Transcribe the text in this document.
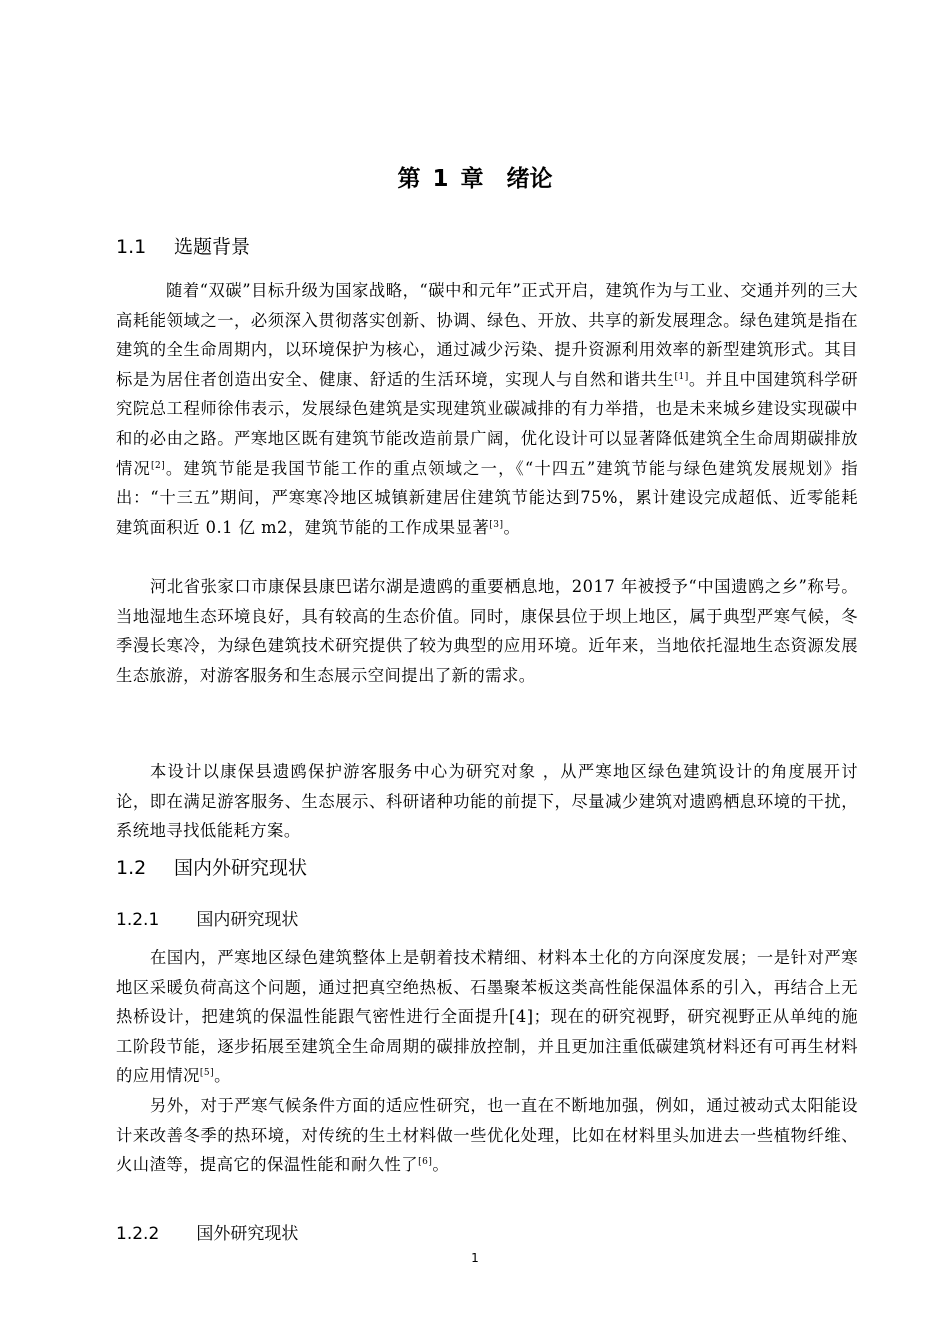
第 1 章　绪论
1.1 选题背景
随着“双碳”目标升级为国家战略，“碳中和元年”正式开启，建筑作为与工业、交通并列的三大高耗能领域之一，必须深入贯彻落实创新、协调、绿色、开放、共享的新发展理念。绿色建筑是指在建筑的全生命周期内，以环境保护为核心，通过减少污染、提升资源利用效率的新型建筑形式。其目标是为居住者创造出安全、健康、舒适的生活环境，实现人与自然和谐共生[1]。并且中国建筑科学研究院总工程师徐伟表示，发展绿色建筑是实现建筑业碳减排的有力举措，也是未来城乡建设实现碳中和的必由之路。严寒地区既有建筑节能改造前景广阔，优化设计可以显著降低建筑全生命周期碳排放情况[2]。建筑节能是我国节能工作的重点领域之一，《“十四五”建筑节能与绿色建筑发展规划》指出：“十三五”期间，严寒寒冷地区城镇新建居住建筑节能达到75%，累计建设完成超低、近零能耗建筑面积近 0.1 亿 m2，建筑节能的工作成果显著[3]。
河北省张家口市康保县康巴诺尔湖是遗鸥的重要栖息地，2017 年被授予“中国遗鸥之乡”称号。当地湿地生态环境良好，具有较高的生态价值。同时，康保县位于坝上地区，属于典型严寒气候，冬季漫长寒冷，为绿色建筑技术研究提供了较为典型的应用环境。近年来，当地依托湿地生态资源发展生态旅游，对游客服务和生态展示空间提出了新的需求。
本设计以康保县遗鸥保护游客服务中心为研究对象 ，从严寒地区绿色建筑设计的角度展开讨论，即在满足游客服务、生态展示、科研诸种功能的前提下，尽量减少建筑对遗鸥栖息环境的干扰，系统地寻找低能耗方案。
1.2 国内外研究现状
1.2.1 国内研究现状
在国内，严寒地区绿色建筑整体上是朝着技术精细、材料本土化的方向深度发展；一是针对严寒地区采暖负荷高这个问题，通过把真空绝热板、石墨聚苯板这类高性能保温体系的引入，再结合上无热桥设计，把建筑的保温性能跟气密性进行全面提升[4]；现在的研究视野，研究视野正从单纯的施工阶段节能，逐步拓展至建筑全生命周期的碳排放控制，并且更加注重低碳建筑材料还有可再生材料的应用情况[5]。
另外，对于严寒气候条件方面的适应性研究，也一直在不断地加强，例如，通过被动式太阳能设计来改善冬季的热环境，对传统的生土材料做一些优化处理，比如在材料里头加进去一些植物纤维、火山渣等，提高它的保温性能和耐久性了[6]。
1.2.2 国外研究现状
1
